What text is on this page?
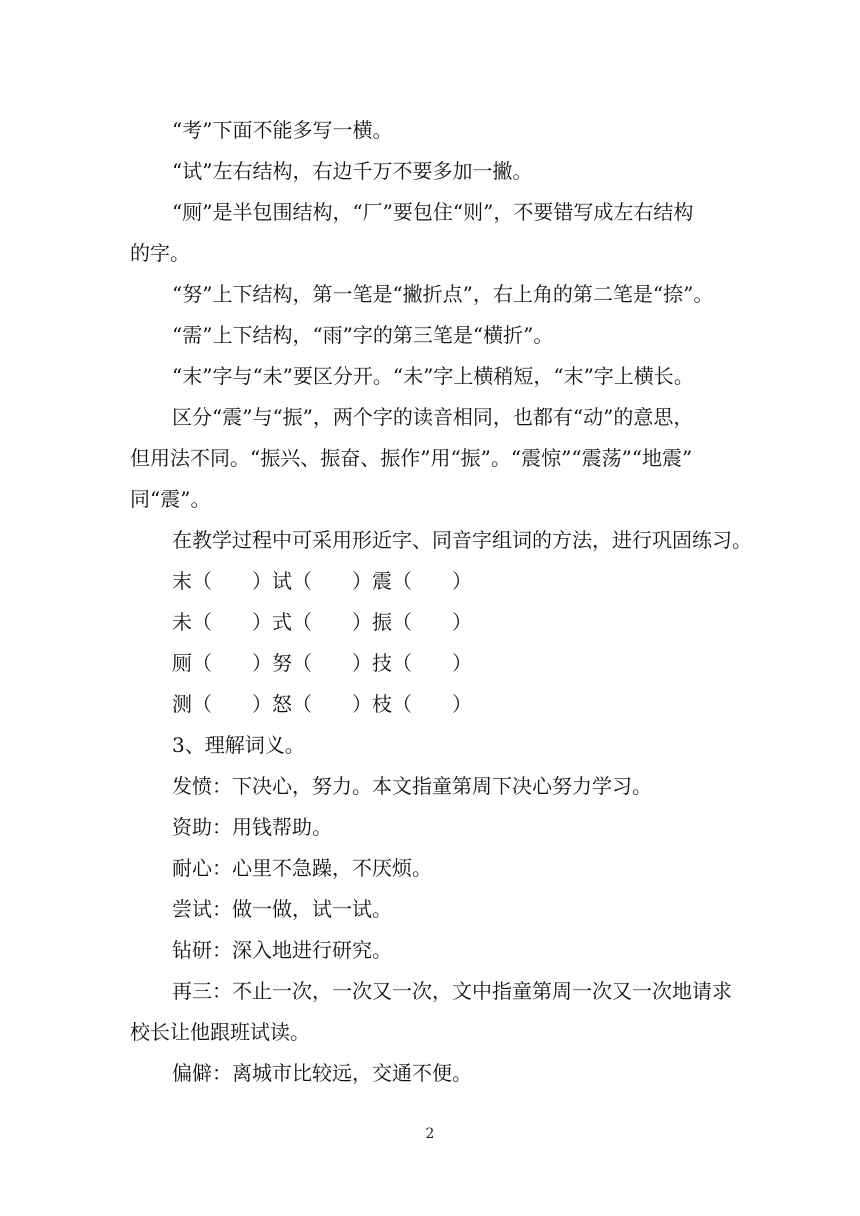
“考”下面不能多写一横。
“试”左右结构，右边千万不要多加一撇。
“厕”是半包围结构，“厂”要包住“则”，不要错写成左右结构
的字。
“努”上下结构，第一笔是“撇折点”，右上角的第二笔是“捺”。
“需”上下结构，“雨”字的第三笔是“横折”。
“末”字与“未”要区分开。“未”字上横稍短，“末”字上横长。
区分“震”与“振”，两个字的读音相同，也都有“动”的意思，
但用法不同。“振兴、振奋、振作”用“振”。“震惊”“震荡”“地震”
同“震”。
在教学过程中可采用形近字、同音字组词的方法，进行巩固练习。
末（　　） 试（　　） 震（　　）
未（　　） 式（　　） 振（　　）
厕（　　） 努（　　） 技（　　）
测（　　） 怒（　　） 枝（　　）
3、理解词义。
发愤：下决心，努力。本文指童第周下决心努力学习。
资助：用钱帮助。
耐心：心里不急躁，不厌烦。
尝试：做一做，试一试。
钻研：深入地进行研究。
再三：不止一次，一次又一次，文中指童第周一次又一次地请求
校长让他跟班试读。
偏僻：离城市比较远，交通不便。
2
